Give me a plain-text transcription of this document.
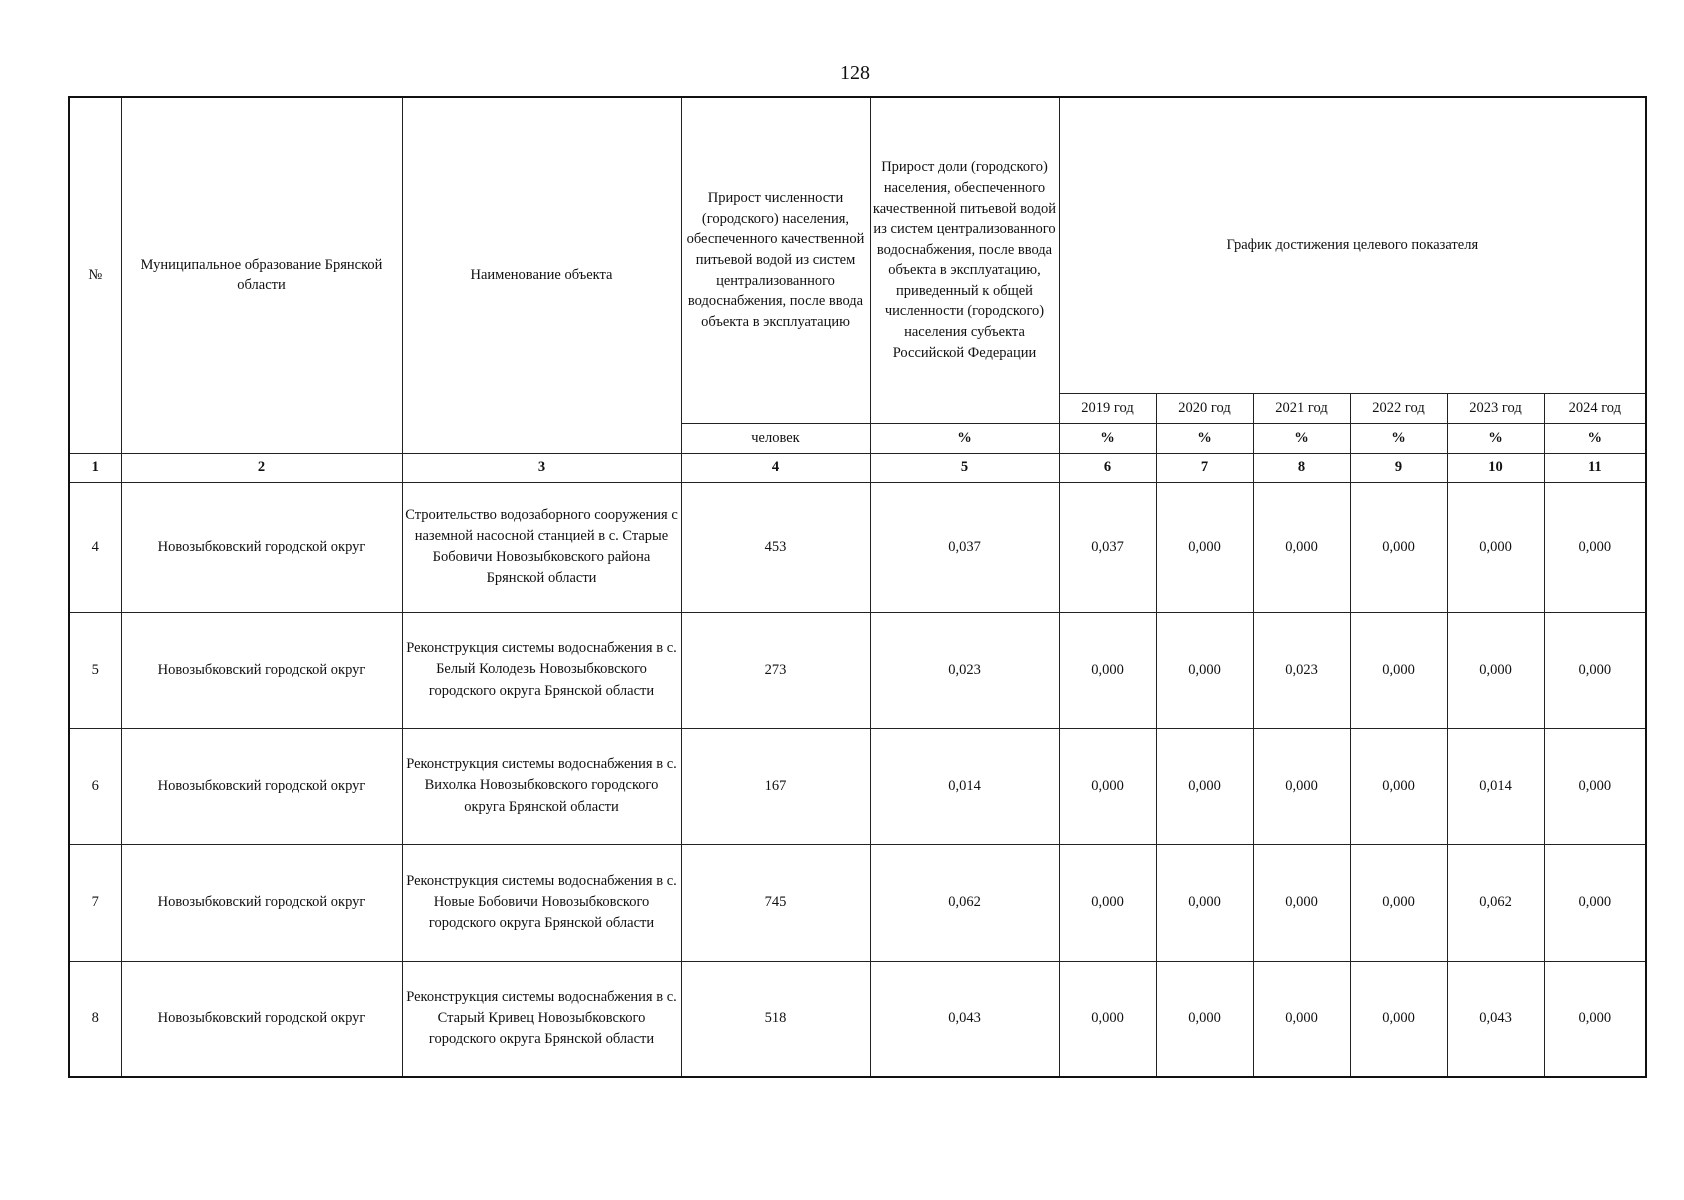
128
№	Муниципальное образование Брянской области	Наименование объекта	Прирост численности (городского) населения, обеспеченного качественной питьевой водой из систем централизованного водоснабжения, после ввода объекта в эксплуатацию	Прирост доли (городского) населения, обеспеченного качественной питьевой водой из систем централизованного водоснабжения, после ввода объекта в эксплуатацию, приведенный к общей численности (городского) населения субъекта Российской Федерации	График достижения целевого показателя					
					2019 год	2020 год	2021 год	2022 год	2023 год	2024 год
			человек	%	%	%	%	%	%	%
1	2	3	4	5	6	7	8	9	10	11
4	Новозыбковский городской округ	Строительство водозаборного сооружения с наземной насосной станцией в с. Старые Бобовичи Новозыбковского района Брянской области	453	0,037	0,037	0,000	0,000	0,000	0,000	0,000
5	Новозыбковский городской округ	Реконструкция системы водоснабжения в с. Белый Колодезь Новозыбковского городского округа Брянской области	273	0,023	0,000	0,000	0,023	0,000	0,000	0,000
6	Новозыбковский городской округ	Реконструкция системы водоснабжения в с. Вихолка Новозыбковского городского округа Брянской области	167	0,014	0,000	0,000	0,000	0,000	0,014	0,000
7	Новозыбковский городской округ	Реконструкция системы водоснабжения в с. Новые Бобовичи Новозыбковского городского округа Брянской области	745	0,062	0,000	0,000	0,000	0,000	0,062	0,000
8	Новозыбковский городской округ	Реконструкция системы водоснабжения в с. Старый Кривец Новозыбковского городского округа Брянской области	518	0,043	0,000	0,000	0,000	0,000	0,043	0,000
